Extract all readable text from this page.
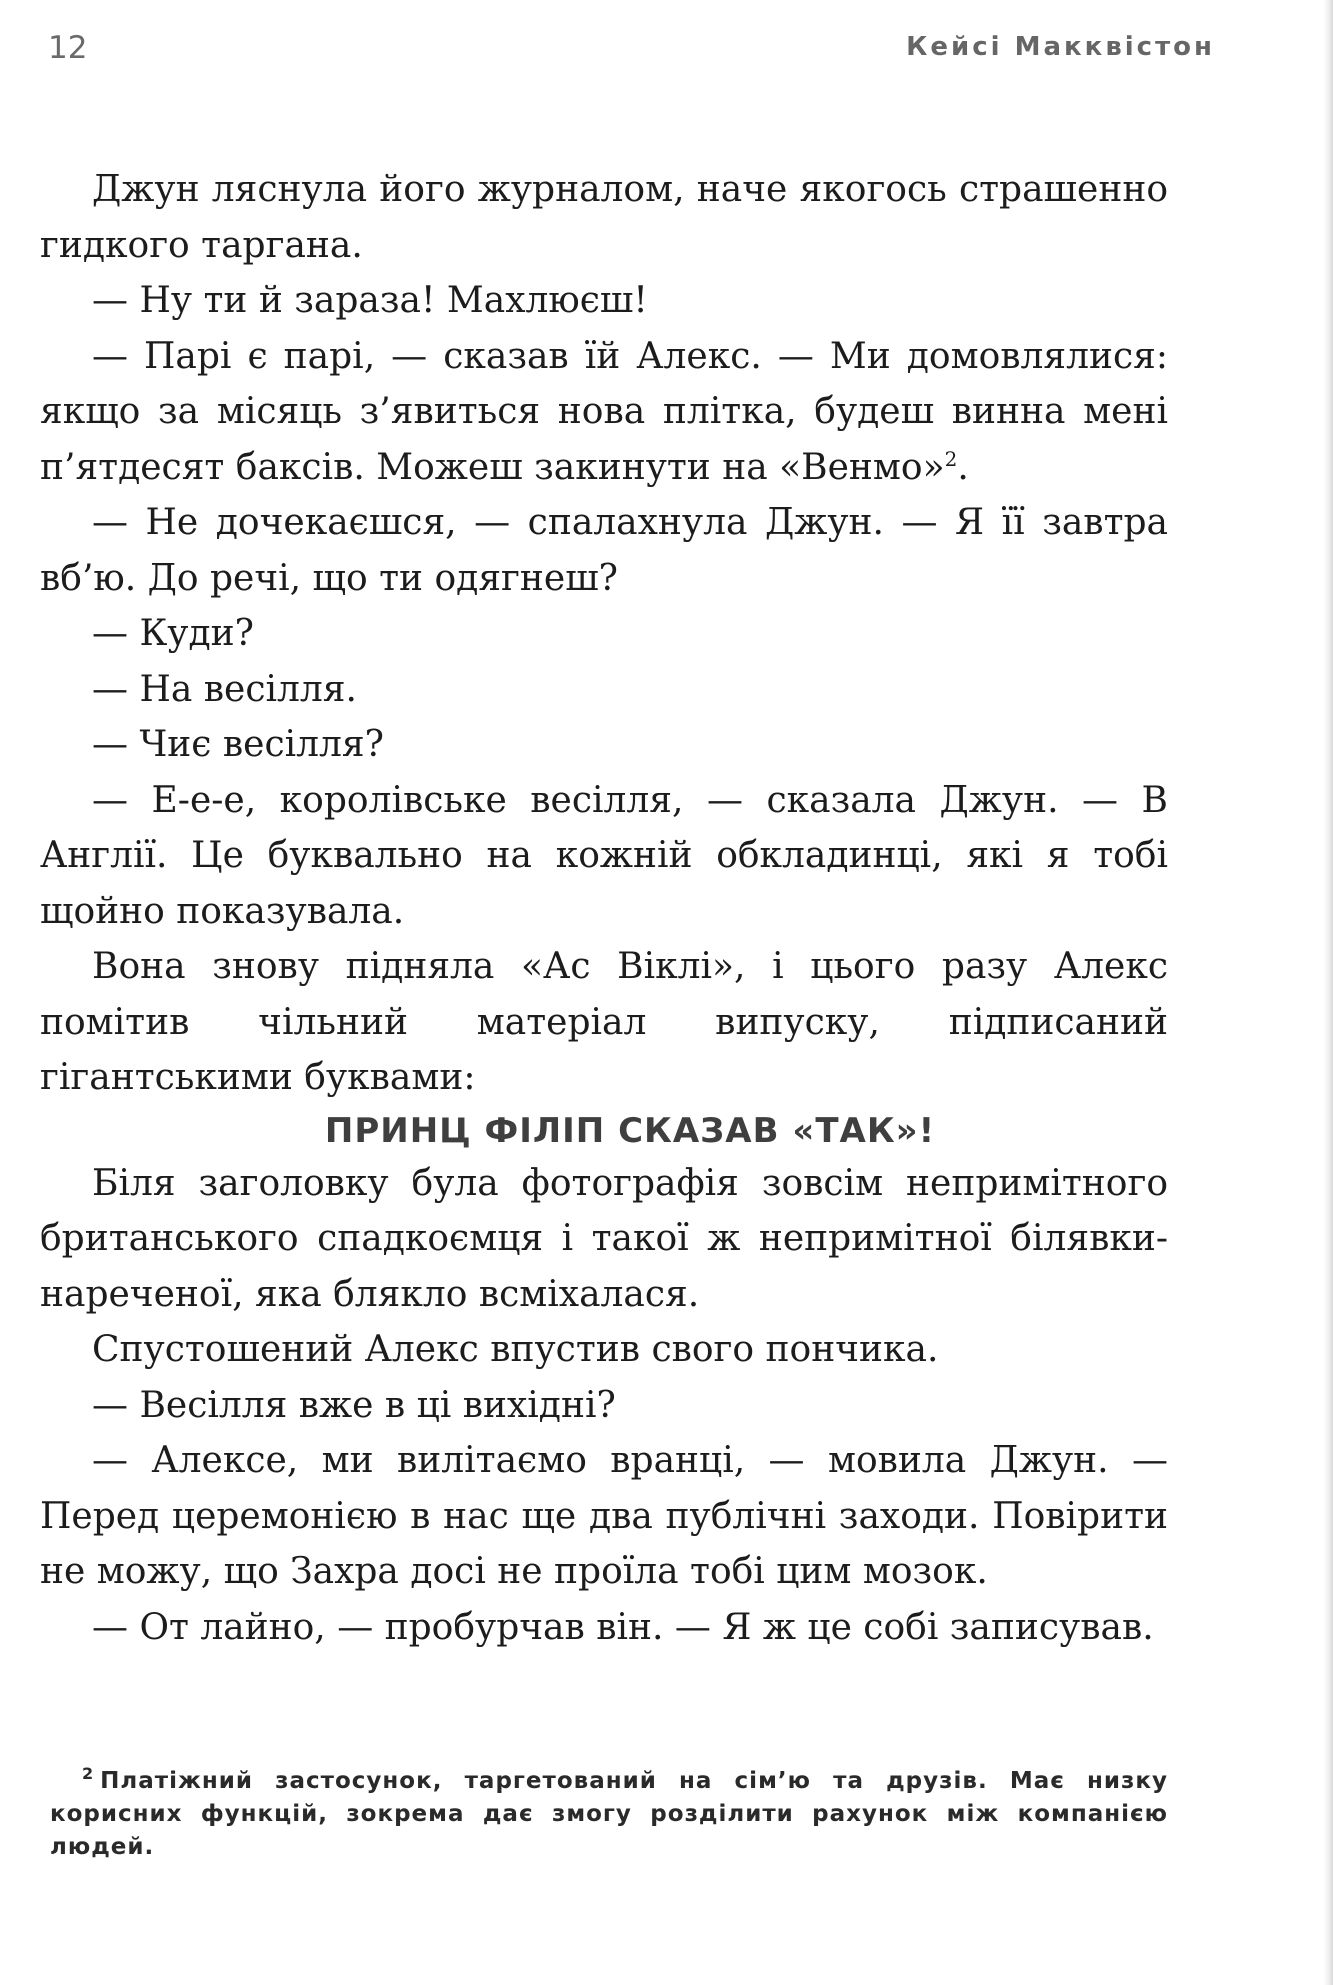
12	Кейсі Макквістон

Джун ляснула його журналом, наче якогось страшенно гидкого таргана.

— Ну ти й зараза! Махлюєш!

— Парі є парі, — сказав їй Алекс. — Ми домовлялися: якщо за місяць з’явиться нова плітка, будеш винна мені п’ятдесят баксів. Можеш закинути на «Венмо»$^2$.

— Не дочекаєшся, — спалахнула Джун. — Я її завтра вб’ю. До речі, що ти одягнеш?

— Куди?

— На весілля.

— Чиє весілля?

— Е-е-е, королівське весілля, — сказала Джун. — В Англії. Це буквально на кожній обкладинці, які я тобі щойно показувала.

Вона знову підняла «Ас Віклі», і цього разу Алекс помітив чільний матеріал випуску, підписаний гігантськими буквами:

ПРИНЦ ФІЛІП СКАЗАВ «ТАК»!

Біля заголовку була фотографія зовсім непримітного британського спадкоємця і такої ж непримітної білявки-нареченої, яка блякло всміхалася.

Спустошений Алекс впустив свого пончика.

— Весілля вже в ці вихідні?

— Алексе, ми вилітаємо вранці, — мовила Джун. — Перед церемонією в нас ще два публічні заходи. Повірити не можу, що Захра досі не проїла тобі цим мозок.

— От лайно, — пробурчав він. — Я ж це собі записував.

$^2$ Платіжний застосунок, таргетований на сім’ю та друзів. Має низку корисних функцій, зокрема дає змогу розділити рахунок між компанією людей.
